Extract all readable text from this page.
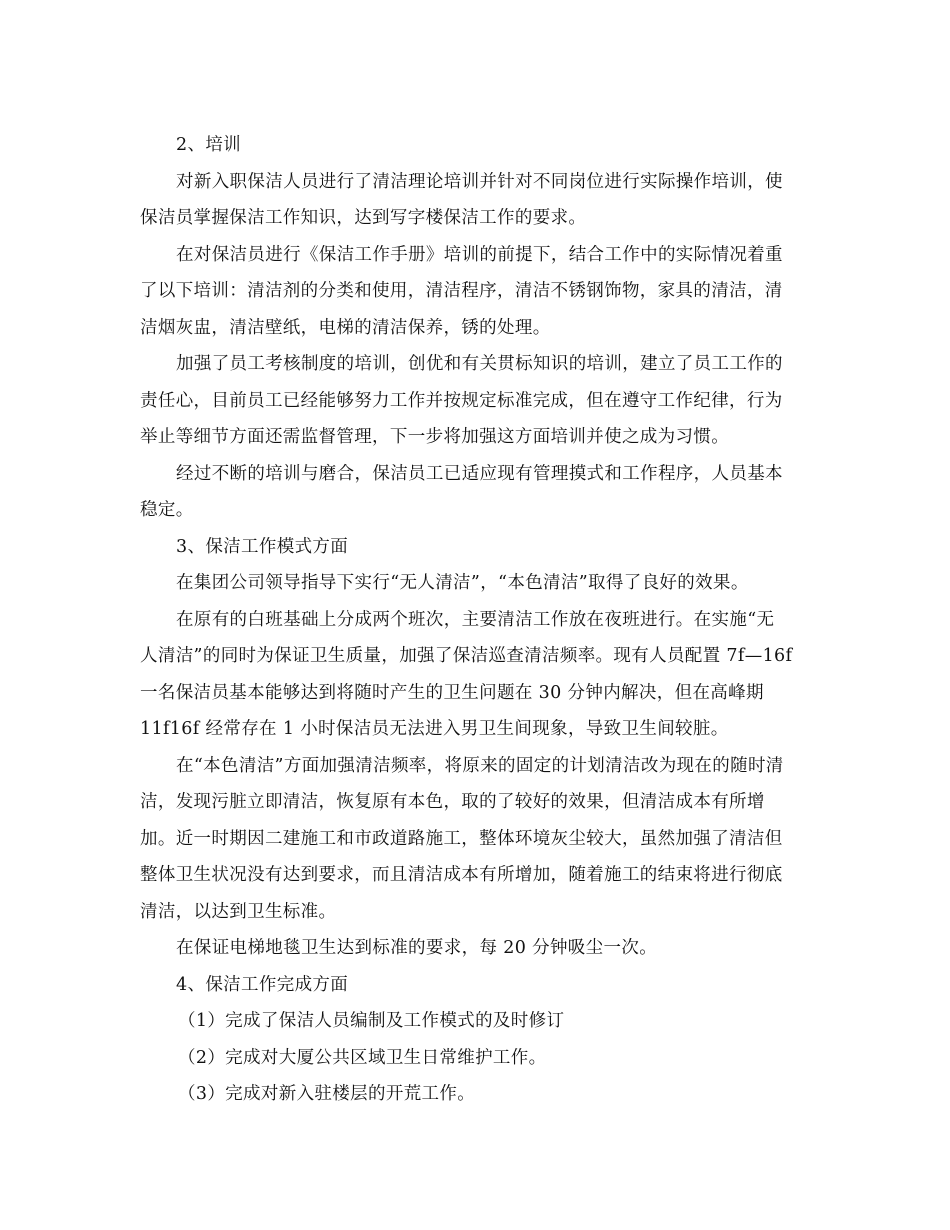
2、培训
对新入职保洁人员进行了清洁理论培训并针对不同岗位进行实际操作培训，使
保洁员掌握保洁工作知识，达到写字楼保洁工作的要求。
在对保洁员进行《保洁工作手册》培训的前提下，结合工作中的实际情况着重
了以下培训：清洁剂的分类和使用，清洁程序，清洁不锈钢饰物，家具的清洁，清
洁烟灰盅，清洁壁纸，电梯的清洁保养，锈的处理。
加强了员工考核制度的培训，创优和有关贯标知识的培训，建立了员工工作的
责任心，目前员工已经能够努力工作并按规定标准完成，但在遵守工作纪律，行为
举止等细节方面还需监督管理，下一步将加强这方面培训并使之成为习惯。
经过不断的培训与磨合，保洁员工已适应现有管理摸式和工作程序，人员基本
稳定。
3、保洁工作模式方面
在集团公司领导指导下实行“无人清洁”，“本色清洁”取得了良好的效果。
在原有的白班基础上分成两个班次，主要清洁工作放在夜班进行。在实施“无
人清洁”的同时为保证卫生质量，加强了保洁巡查清洁频率。现有人员配置 7f—16f
一名保洁员基本能够达到将随时产生的卫生问题在 30 分钟内解决，但在高峰期
11f16f 经常存在 1 小时保洁员无法进入男卫生间现象，导致卫生间较脏。
在“本色清洁”方面加强清洁频率，将原来的固定的计划清洁改为现在的随时清
洁，发现污脏立即清洁，恢复原有本色，取的了较好的效果，但清洁成本有所增
加。近一时期因二建施工和市政道路施工，整体环境灰尘较大，虽然加强了清洁但
整体卫生状况没有达到要求，而且清洁成本有所增加，随着施工的结束将进行彻底
清洁，以达到卫生标准。
在保证电梯地毯卫生达到标准的要求，每 20 分钟吸尘一次。
4、保洁工作完成方面
（1）完成了保洁人员编制及工作模式的及时修订
（2）完成对大厦公共区域卫生日常维护工作。
（3）完成对新入驻楼层的开荒工作。
